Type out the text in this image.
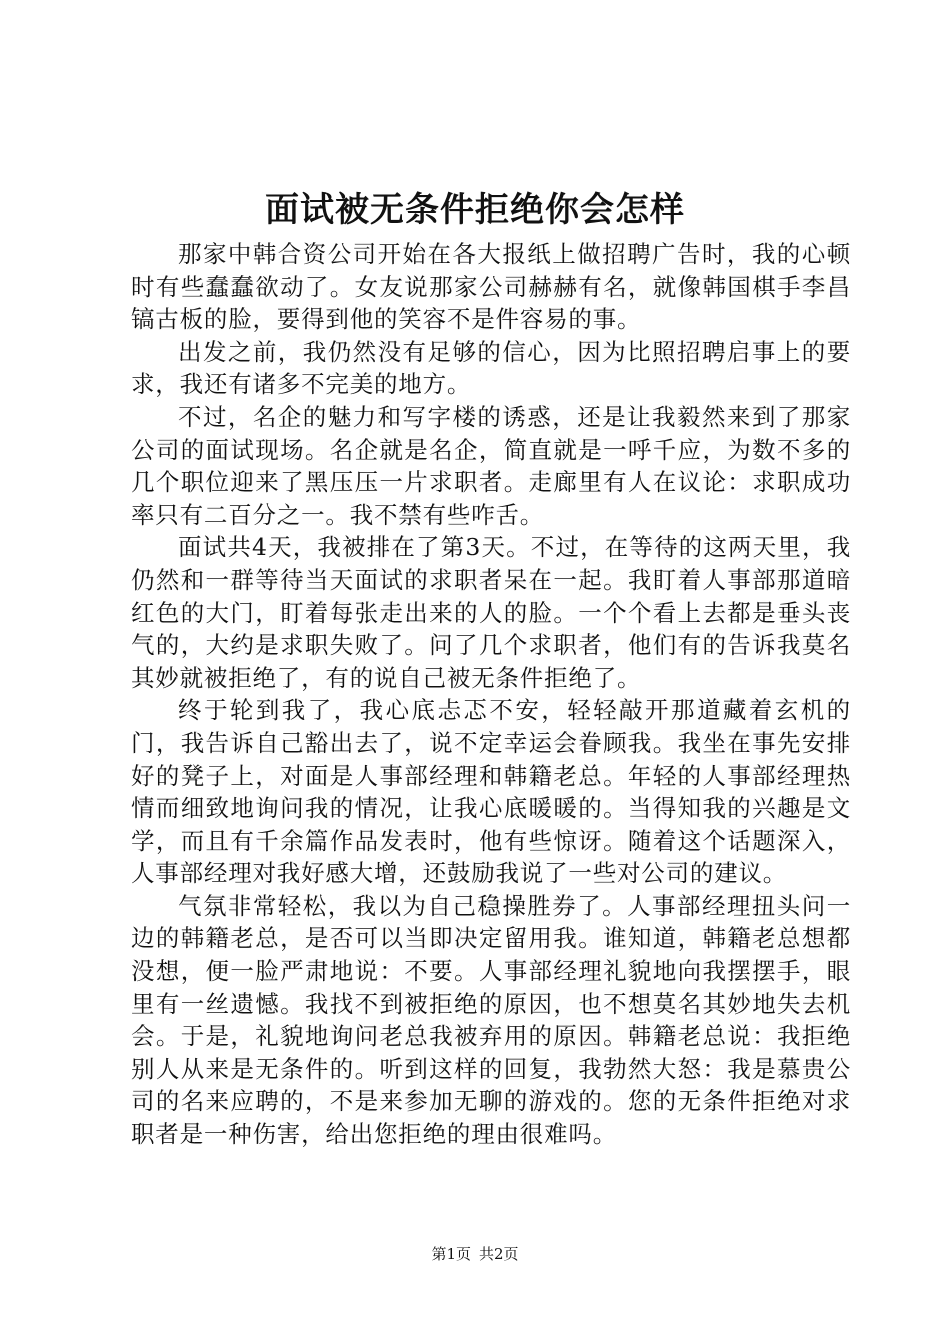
面试被无条件拒绝你会怎样

那家中韩合资公司开始在各大报纸上做招聘广告时，我的心顿时有些蠢蠢欲动了。女友说那家公司赫赫有名，就像韩国棋手李昌镐古板的脸，要得到他的笑容不是件容易的事。

出发之前，我仍然没有足够的信心，因为比照招聘启事上的要求，我还有诸多不完美的地方。

不过，名企的魅力和写字楼的诱惑，还是让我毅然来到了那家公司的面试现场。名企就是名企，简直就是一呼千应，为数不多的几个职位迎来了黑压压一片求职者。走廊里有人在议论：求职成功率只有二百分之一。我不禁有些咋舌。

面试共4天，我被排在了第3天。不过，在等待的这两天里，我仍然和一群等待当天面试的求职者呆在一起。我盯着人事部那道暗红色的大门，盯着每张走出来的人的脸。一个个看上去都是垂头丧气的，大约是求职失败了。问了几个求职者，他们有的告诉我莫名其妙就被拒绝了，有的说自己被无条件拒绝了。

终于轮到我了，我心底忐忑不安，轻轻敲开那道藏着玄机的门，我告诉自己豁出去了，说不定幸运会眷顾我。我坐在事先安排好的凳子上，对面是人事部经理和韩籍老总。年轻的人事部经理热情而细致地询问我的情况，让我心底暖暖的。当得知我的兴趣是文学，而且有千余篇作品发表时，他有些惊讶。随着这个话题深入，人事部经理对我好感大增，还鼓励我说了一些对公司的建议。

气氛非常轻松，我以为自己稳操胜券了。人事部经理扭头问一边的韩籍老总，是否可以当即决定留用我。谁知道，韩籍老总想都没想，便一脸严肃地说：不要。人事部经理礼貌地向我摆摆手，眼里有一丝遗憾。我找不到被拒绝的原因，也不想莫名其妙地失去机会。于是，礼貌地询问老总我被弃用的原因。韩籍老总说：我拒绝别人从来是无条件的。听到这样的回复，我勃然大怒：我是慕贵公司的名来应聘的，不是来参加无聊的游戏的。您的无条件拒绝对求职者是一种伤害，给出您拒绝的理由很难吗。

第1页 共2页
